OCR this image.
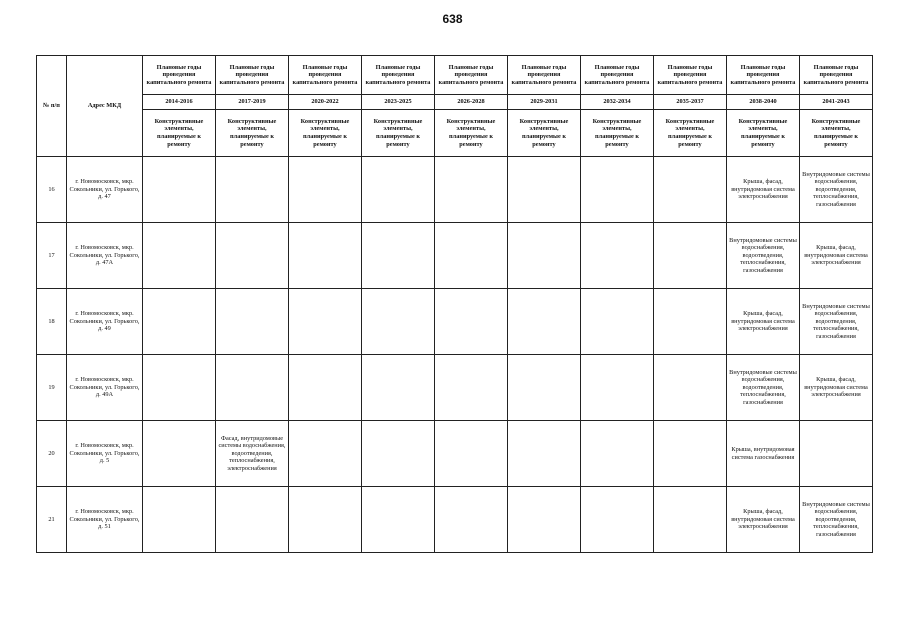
638
№ п/п	Адрес МКД	Плановые годы проведения капитального ремонта	Плановые годы проведения капитального ремонта	Плановые годы проведения капитального ремонта	Плановые годы проведения капитального ремонта	Плановые годы проведения капитального ремонта	Плановые годы проведения капитального ремонта	Плановые годы проведения капитального ремонта	Плановые годы проведения капитального ремонта	Плановые годы проведения капитального ремонта	Плановые годы проведения капитального ремонта
		2014-2016	2017-2019	2020-2022	2023-2025	2026-2028	2029-2031	2032-2034	2035-2037	2038-2040	2041-2043
		Конструктивные элементы, планируемые к ремонту	Конструктивные элементы, планируемые к ремонту	Конструктивные элементы, планируемые к ремонту	Конструктивные элементы, планируемые к ремонту	Конструктивные элементы, планируемые к ремонту	Конструктивные элементы, планируемые к ремонту	Конструктивные элементы, планируемые к ремонту	Конструктивные элементы, планируемые к ремонту	Конструктивные элементы, планируемые к ремонту	Конструктивные элементы, планируемые к ремонту
16	г. Новомосковск, мкр. Сокольники, ул. Горького, д. 47									Крыша, фасад, внутридомовая система электроснабжения	Внутридомовые системы водоснабжения, водоотведения, теплоснабжения, газоснабжения
17	г. Новомосковск, мкр. Сокольники, ул. Горького, д. 47А									Внутридомовые системы водоснабжения, водоотведения, теплоснабжения, газоснабжения	Крыша, фасад, внутридомовая система электроснабжения
18	г. Новомосковск, мкр. Сокольники, ул. Горького, д. 49									Крыша, фасад, внутридомовая система электроснабжения	Внутридомовые системы водоснабжения, водоотведения, теплоснабжения, газоснабжения
19	г. Новомосковск, мкр. Сокольники, ул. Горького, д. 49А									Внутридомовые системы водоснабжения, водоотведения, теплоснабжения, газоснабжения	Крыша, фасад, внутридомовая система электроснабжения
20	г. Новомосковск, мкр. Сокольники, ул. Горького, д. 5		Фасад, внутридомовые системы водоснабжения, водоотведения, теплоснабжения, электроснабжения							Крыша, внутридомовая система газоснабжения	
21	г. Новомосковск, мкр. Сокольники, ул. Горького, д. 51									Крыша, фасад, внутридомовая система электроснабжения	Внутридомовые системы водоснабжения, водоотведения, теплоснабжения, газоснабжения
